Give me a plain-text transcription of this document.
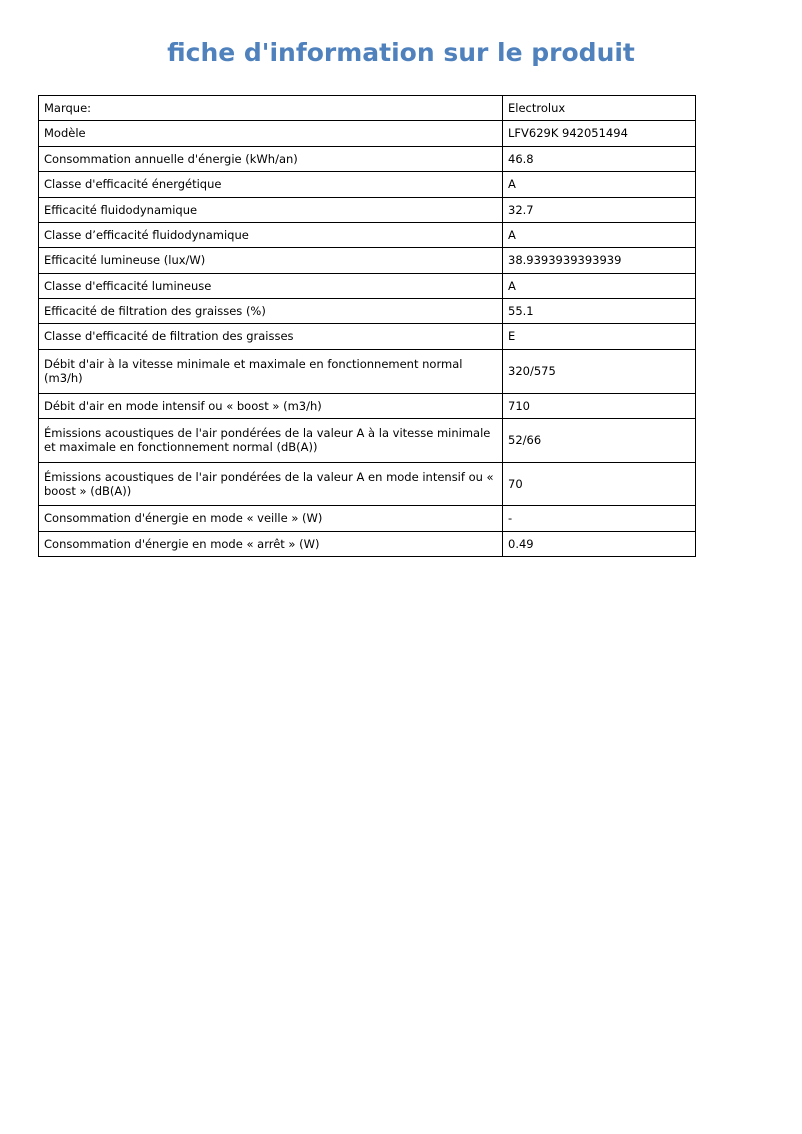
fiche d'information sur le produit
Marque:	Electrolux
Modèle	LFV629K 942051494
Consommation annuelle d'énergie (kWh/an)	46.8
Classe d'efficacité énergétique	A
Efficacité fluidodynamique	32.7
Classe d’efficacité fluidodynamique	A
Efficacité lumineuse (lux/W)	38.9393939393939
Classe d'efficacité lumineuse	A
Efficacité de filtration des graisses (%)	55.1
Classe d'efficacité de filtration des graisses	E
Débit d'air à la vitesse minimale et maximale en fonctionnement normal (m3/h)	320/575
Débit d'air en mode intensif ou « boost » (m3/h)	710
Émissions acoustiques de l'air pondérées de la valeur A à la vitesse minimale et maximale en fonctionnement normal (dB(A))	52/66
Émissions acoustiques de l'air pondérées de la valeur A en mode intensif ou « boost » (dB(A))	70
Consommation d'énergie en mode « veille » (W)	-
Consommation d'énergie en mode « arrêt » (W)	0.49
